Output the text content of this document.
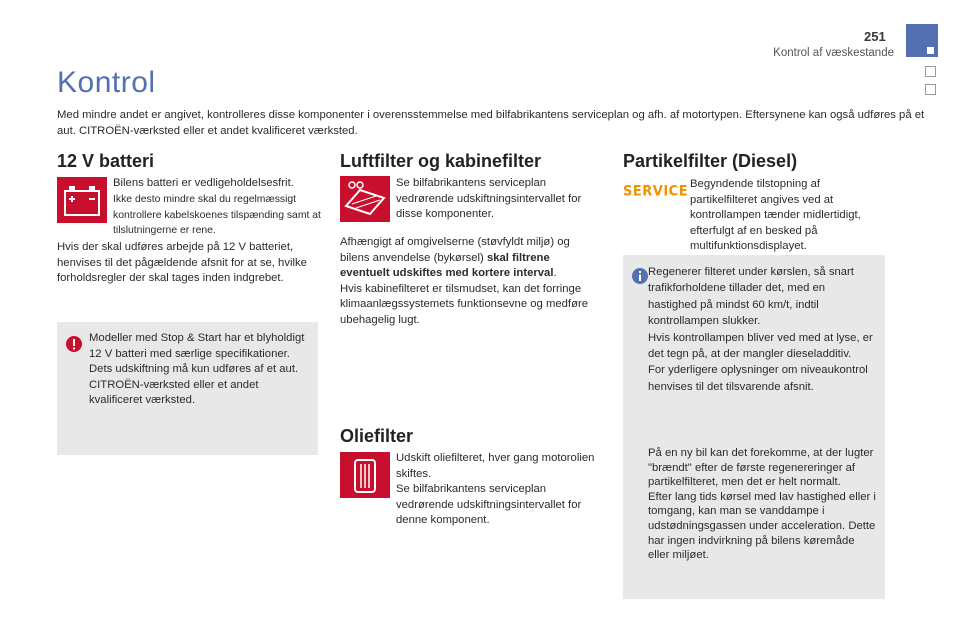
251
Kontrol af væskestande
Kontrol

Med mindre andet er angivet, kontrolleres disse komponenter i overensstemmelse med bilfabrikantens serviceplan og afh. af motortypen. Eftersynene kan også udføres på et aut. CITROËN-værksted eller et andet kvalificeret værksted.

12 V batteri
Bilens batteri er vedligeholdelsesfrit.
Ikke desto mindre skal du regelmæssigt kontrollere kabelskoenes tilspænding samt at tilslutningerne er rene.
Hvis der skal udføres arbejde på 12 V batteriet, henvises til det pågældende afsnit for at se, hvilke forholdsregler der skal tages inden indgrebet.
Modeller med Stop & Start har et blyholdigt 12 V batteri med særlige specifikationer.
Dets udskiftning må kun udføres af et aut. CITROËN-værksted eller et andet kvalificeret værksted.
Luftfilter og kabinefilter
Se bilfabrikantens serviceplan vedrørende udskiftningsintervallet for disse komponenter.
Afhængigt af omgivelserne (støvfyldt miljø) og bilens anvendelse (bykørsel) skal filtrene eventuelt udskiftes med kortere interval.
Hvis kabinefilteret er tilsmudset, kan det forringe klimaanlægssystemets funktionsevne og medføre ubehagelig lugt.
Oliefilter
Udskift oliefilteret, hver gang motorolien skiftes.
Se bilfabrikantens serviceplan vedrørende udskiftningsintervallet for denne komponent.
Partikelfilter (Diesel)
SERVICE Begyndende tilstopning af partikelfilteret angives ved at kontrollampen tænder midlertidigt, efterfulgt af en besked på multifunktionsdisplayet.
Regenerer filteret under kørslen, så snart trafikforholdene tillader det, med en hastighed på mindst 60 km/t, indtil kontrollampen slukker.
Hvis kontrollampen bliver ved med at lyse, er det tegn på, at der mangler dieseladditiv.
For yderligere oplysninger om niveaukontrol henvises til det tilsvarende afsnit.
På en ny bil kan det forekomme, at der lugter "brændt" efter de første regenereringer af partikelfilteret, men det er helt normalt.
Efter lang tids kørsel med lav hastighed eller i tomgang, kan man se vanddampe i udstødningsgassen under acceleration. Dette har ingen indvirkning på bilens køremåde eller miljøet.
